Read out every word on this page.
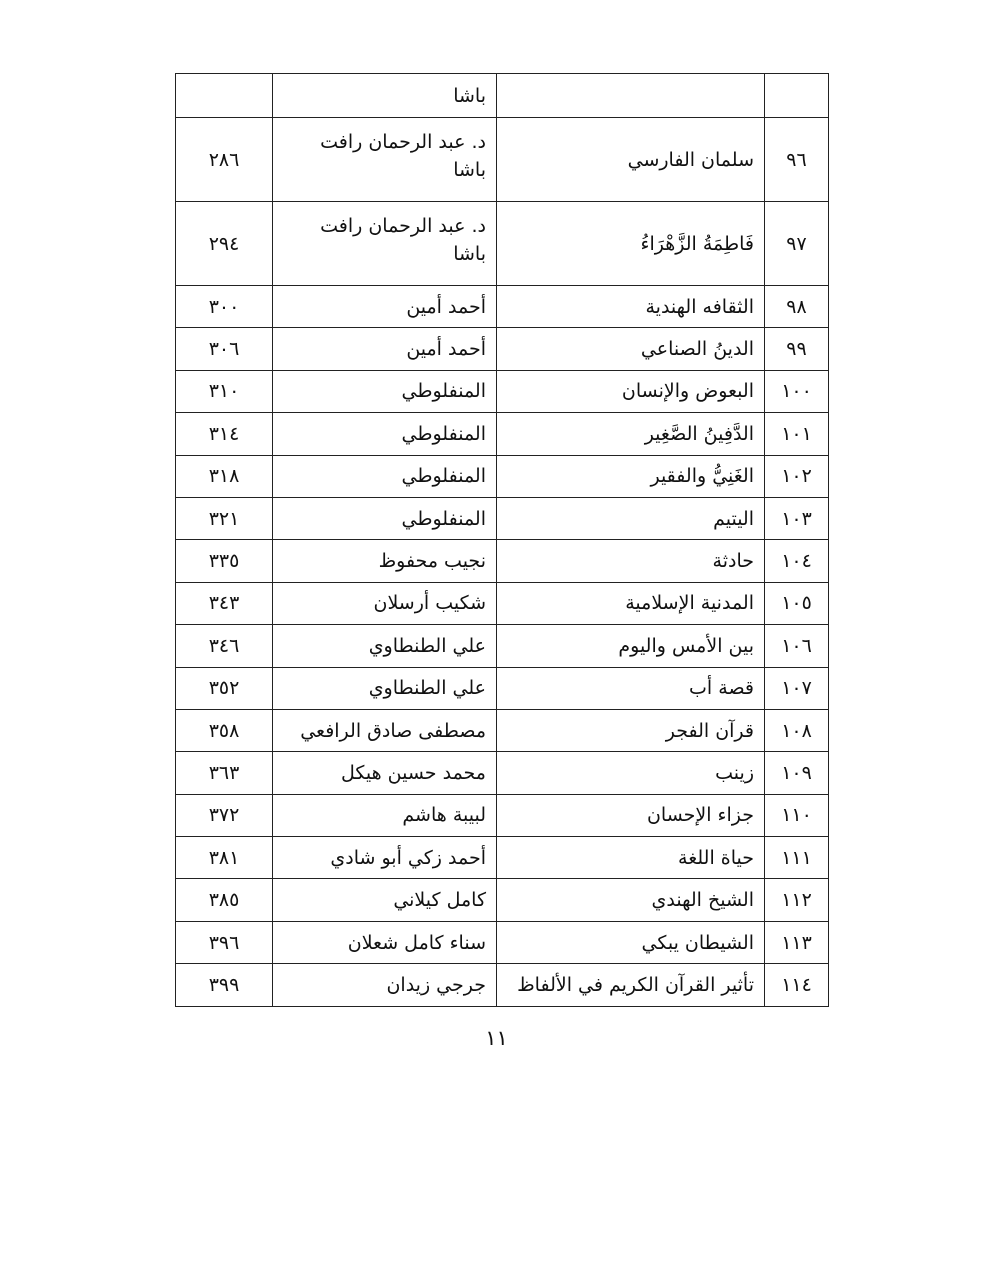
		باشا	
٩٦	سلمان الفارسي	د. عبد الرحمان رافت باشا	٢٨٦
٩٧	فَاطِمَةُ الزَّهْرَاءُ	د. عبد الرحمان رافت باشا	٢٩٤
٩٨	الثقافه الهندية	أحمد أمين	٣٠٠
٩٩	الدينُ الصناعي	أحمد أمين	٣٠٦
١٠٠	البعوض والإنسان	المنفلوطي	٣١٠
١٠١	الدَّفِينُ الصَّغِير	المنفلوطي	٣١٤
١٠٢	الغَنِيُّ والفقير	المنفلوطي	٣١٨
١٠٣	اليتيم	المنفلوطي	٣٢١
١٠٤	حادثة	نجيب محفوظ	٣٣٥
١٠٥	المدنية الإسلامية	شكيب أرسلان	٣٤٣
١٠٦	بين الأمس واليوم	علي الطنطاوي	٣٤٦
١٠٧	قصة أب	علي الطنطاوي	٣٥٢
١٠٨	قرآن الفجر	مصطفى صادق الرافعي	٣٥٨
١٠٩	زينب	محمد حسين هيكل	٣٦٣
١١٠	جزاء الإحسان	لبيبة هاشم	٣٧٢
١١١	حياة اللغة	أحمد زكي أبو شادي	٣٨١
١١٢	الشيخ الهندي	كامل كيلاني	٣٨٥
١١٣	الشيطان يبكي	سناء كامل شعلان	٣٩٦
١١٤	تأثير القرآن الكريم في الألفاظ	جرجي زيدان	٣٩٩
١١
